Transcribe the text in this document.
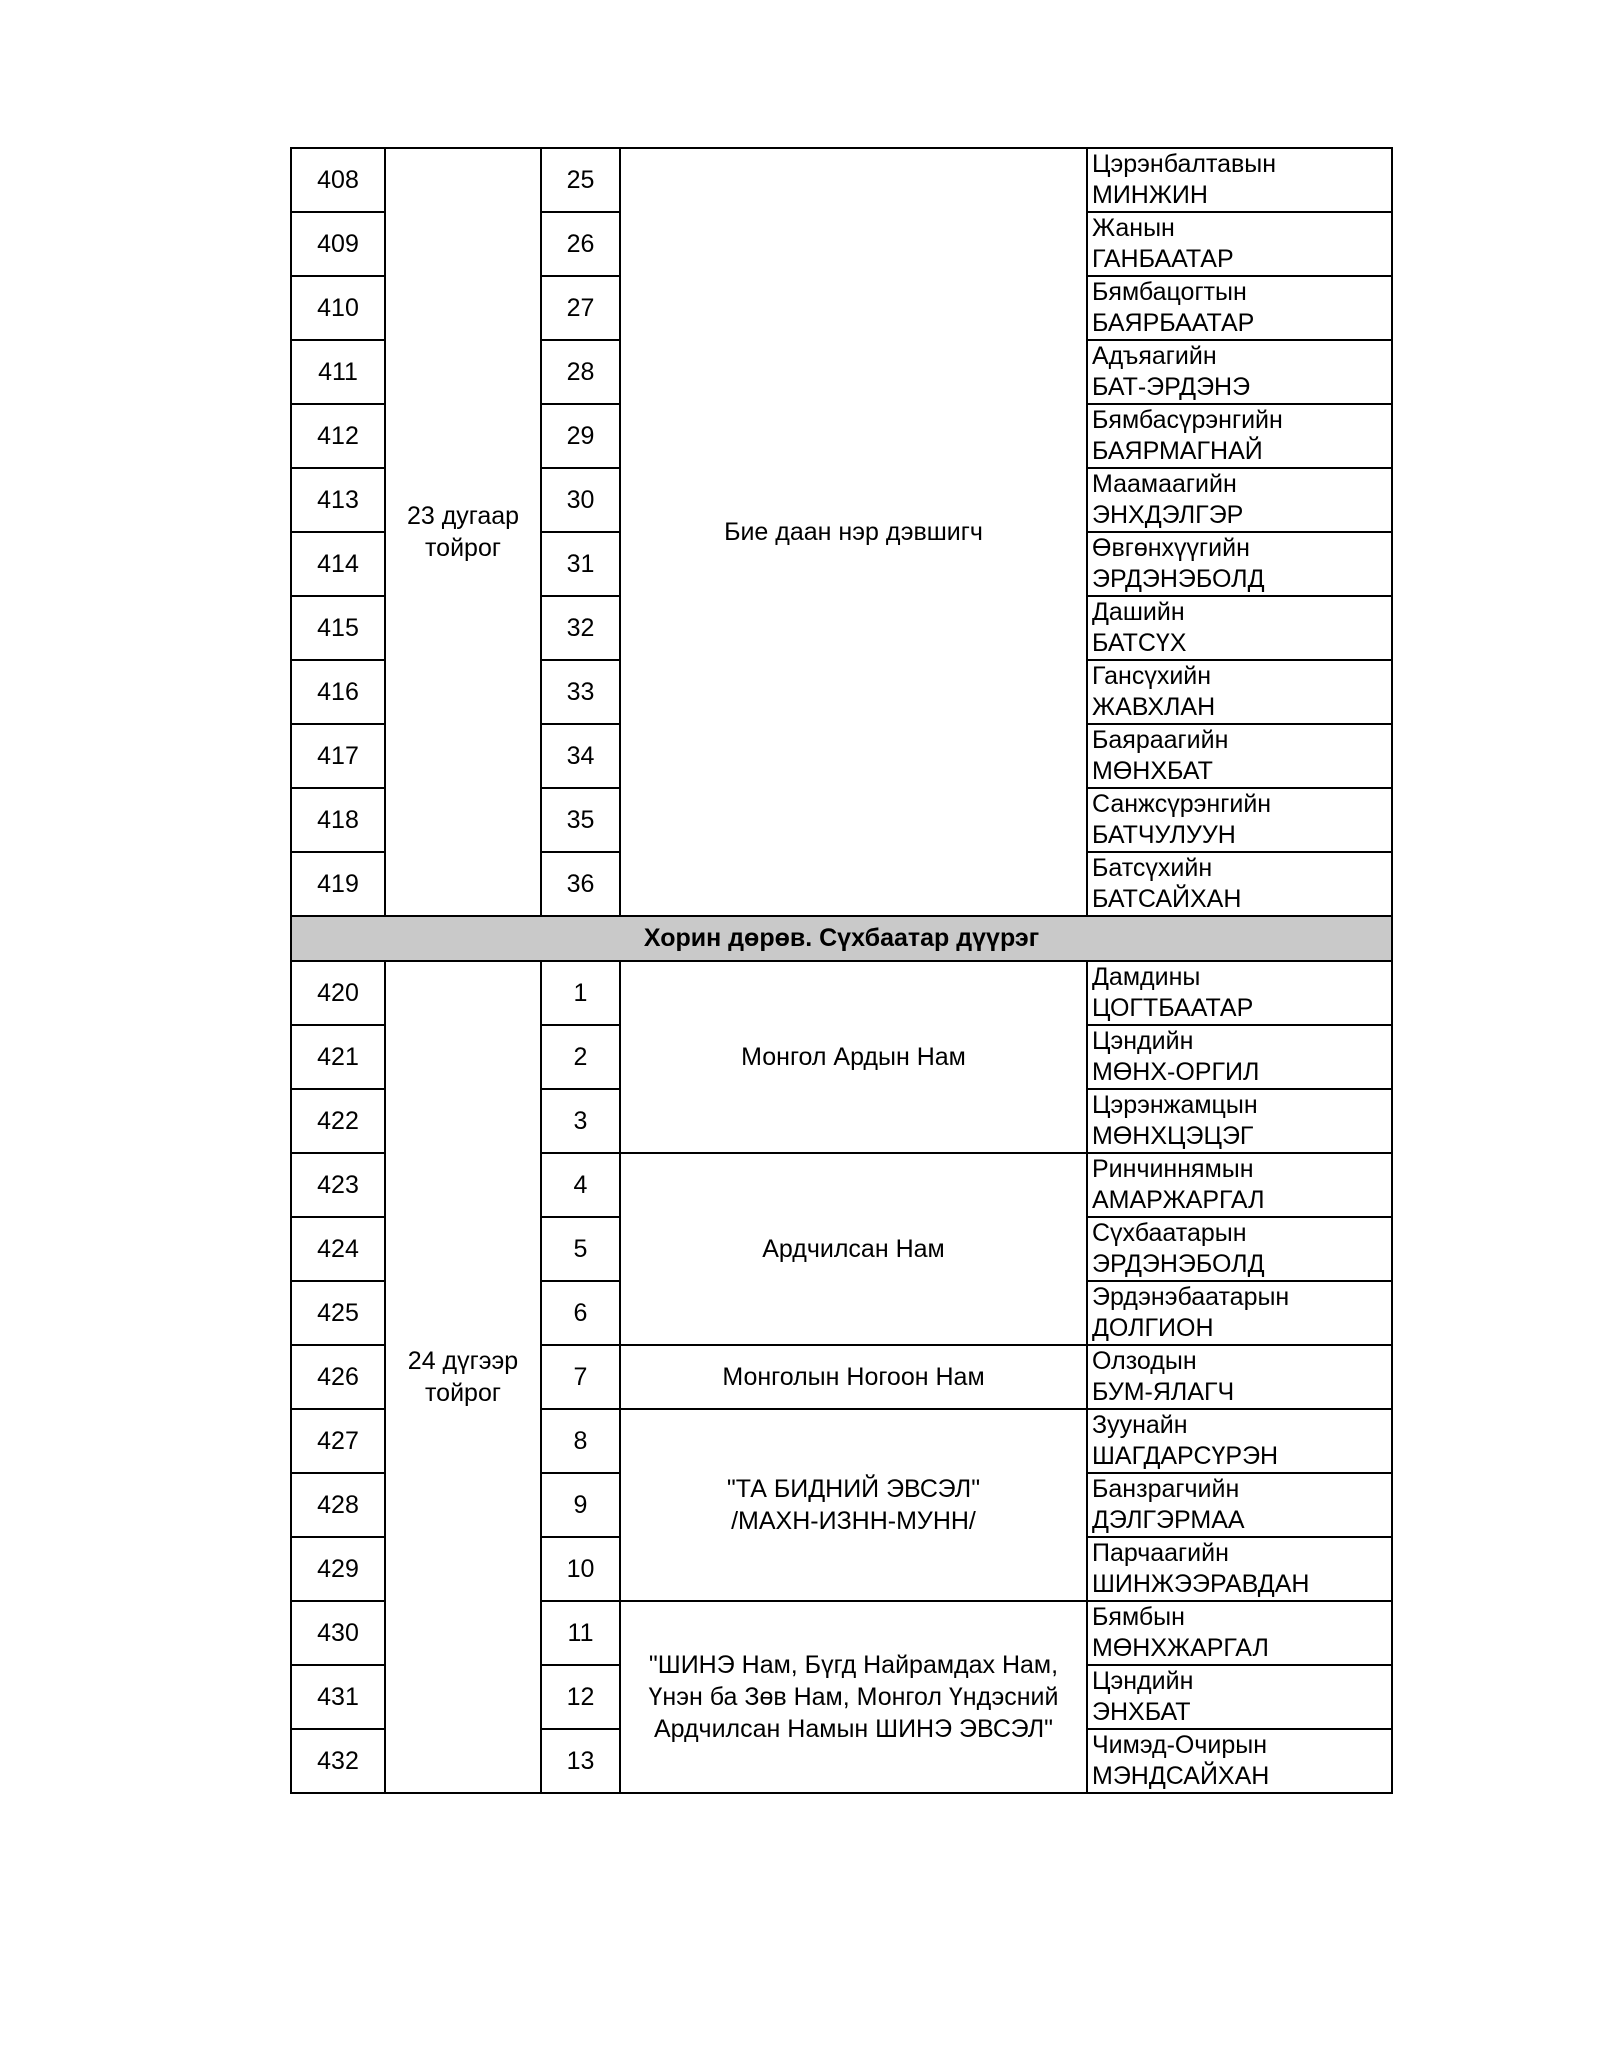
408	23 дугаар
тойрог	25	Бие даан нэр дэвшигч	Цэрэнбалтавын
МИНЖИН

409		26		Жанын
ГАНБААТАР

410		27		Бямбацогтын
БАЯРБААТАР

411		28		Адъяагийн
БАТ-ЭРДЭНЭ

412		29		Бямбасүрэнгийн
БАЯРМАГНАЙ

413		30		Маамаагийн
ЭНХДЭЛГЭР

414		31		Өвгөнхүүгийн
ЭРДЭНЭБОЛД

415		32		Дашийн
БАТСҮХ

416		33		Гансүхийн
ЖАВХЛАН

417		34		Баяраагийн
МӨНХБАТ

418		35		Санжсүрэнгийн
БАТЧУЛУУН

419		36		Батсүхийн
БАТСАЙХАН

Хорин дөрөв. Сүхбаатар дүүрэг				
420	24 дүгээр
тойрог	1	Монгол Ардын Нам	Дамдины
ЦОГТБААТАР

421		2		Цэндийн
МӨНХ-ОРГИЛ

422		3		Цэрэнжамцын
МӨНХЦЭЦЭГ

423		4	Ардчилсан Нам	Ринчиннямын
АМАРЖАРГАЛ

424		5		Сүхбаатарын
ЭРДЭНЭБОЛД

425		6		Эрдэнэбаатарын
ДОЛГИОН

426		7	Монголын Ногоон Нам	Олзодын
БУМ-ЯЛАГЧ

427		8	"ТА БИДНИЙ ЭВСЭЛ"
/МАХН-ИЗНН-МУНН/	Зуунайн
ШАГДАРСҮРЭН

428		9		Банзрагчийн
ДЭЛГЭРМАА

429		10		Парчаагийн
ШИНЖЭЭРАВДАН

430		11	"ШИНЭ Нам, Бүгд Найрамдах Нам,
Үнэн ба Зөв Нам, Монгол Үндэсний
Ардчилсан Намын ШИНЭ ЭВСЭЛ"	Бямбын
МӨНХЖАРГАЛ

431		12		Цэндийн
ЭНХБАТ

432		13		Чимэд-Очирын
МЭНДСАЙХАН
